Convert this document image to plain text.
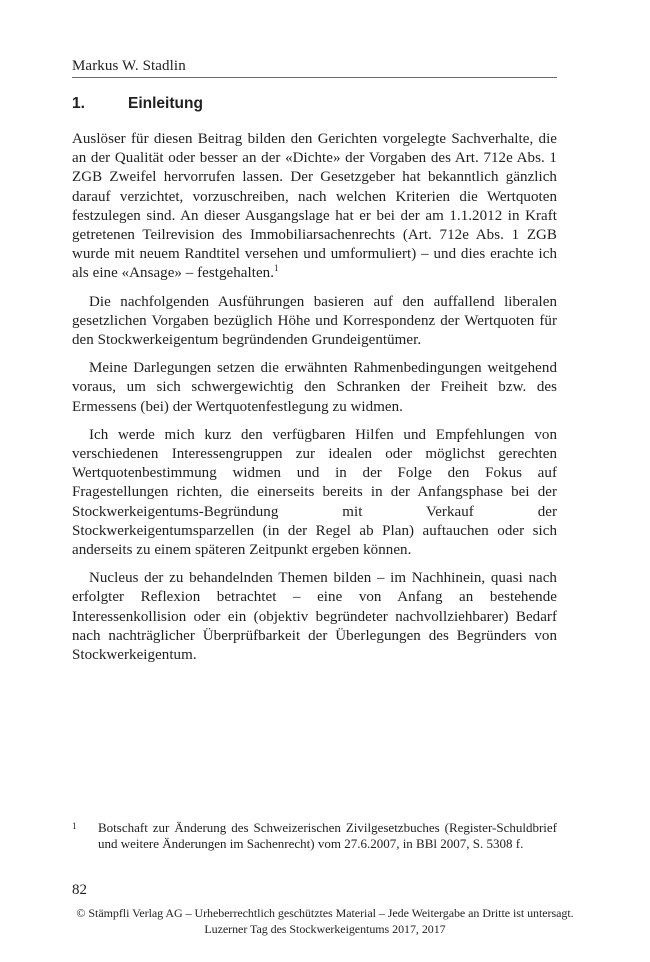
Markus W. Stadlin
1.	Einleitung

Auslöser für diesen Beitrag bilden den Gerichten vorgelegte Sachverhalte, die an der Qualität oder besser an der «Dichte» der Vorgaben des Art. 712e Abs. 1 ZGB Zweifel hervorrufen lassen. Der Gesetzgeber hat bekanntlich gänzlich darauf verzichtet, vorzuschreiben, nach welchen Kriterien die Wertquoten festzulegen sind. An dieser Ausgangslage hat er bei der am 1.1.2012 in Kraft getretenen Teilrevision des Immobiliarsachenrechts (Art. 712e Abs. 1 ZGB wurde mit neuem Randtitel versehen und umformuliert) – und dies erachte ich als eine «Ansage» – festgehalten.$^1$

Die nachfolgenden Ausführungen basieren auf den auffallend liberalen gesetzlichen Vorgaben bezüglich Höhe und Korrespondenz der Wertquoten für den Stockwerkeigentum begründenden Grundeigentümer.

Meine Darlegungen setzen die erwähnten Rahmenbedingungen weitgehend voraus, um sich schwergewichtig den Schranken der Freiheit bzw. des Ermessens (bei) der Wertquotenfestlegung zu widmen.

Ich werde mich kurz den verfügbaren Hilfen und Empfehlungen von verschiedenen Interessengruppen zur idealen oder möglichst gerechten Wertquotenbestimmung widmen und in der Folge den Fokus auf Fragestellungen richten, die einerseits bereits in der Anfangsphase bei der Stockwerkeigentums-Begründung mit Verkauf der Stockwerkeigentumsparzellen (in der Regel ab Plan) auftauchen oder sich anderseits zu einem späteren Zeitpunkt ergeben können.

Nucleus der zu behandelnden Themen bilden – im Nachhinein, quasi nach erfolgter Reflexion betrachtet – eine von Anfang an bestehende Interessenkollision oder ein (objektiv begründeter nachvollziehbarer) Bedarf nach nachträglicher Überprüfbarkeit der Überlegungen des Begründers von Stockwerkeigentum.

1	Botschaft zur Änderung des Schweizerischen Zivilgesetzbuches (Register-Schuldbrief und weitere Änderungen im Sachenrecht) vom 27.6.2007, in BBl 2007, S. 5308 f.
82
© Stämpfli Verlag AG – Urheberrechtlich geschütztes Material – Jede Weitergabe an Dritte ist untersagt.
Luzerner Tag des Stockwerkeigentums 2017, 2017
